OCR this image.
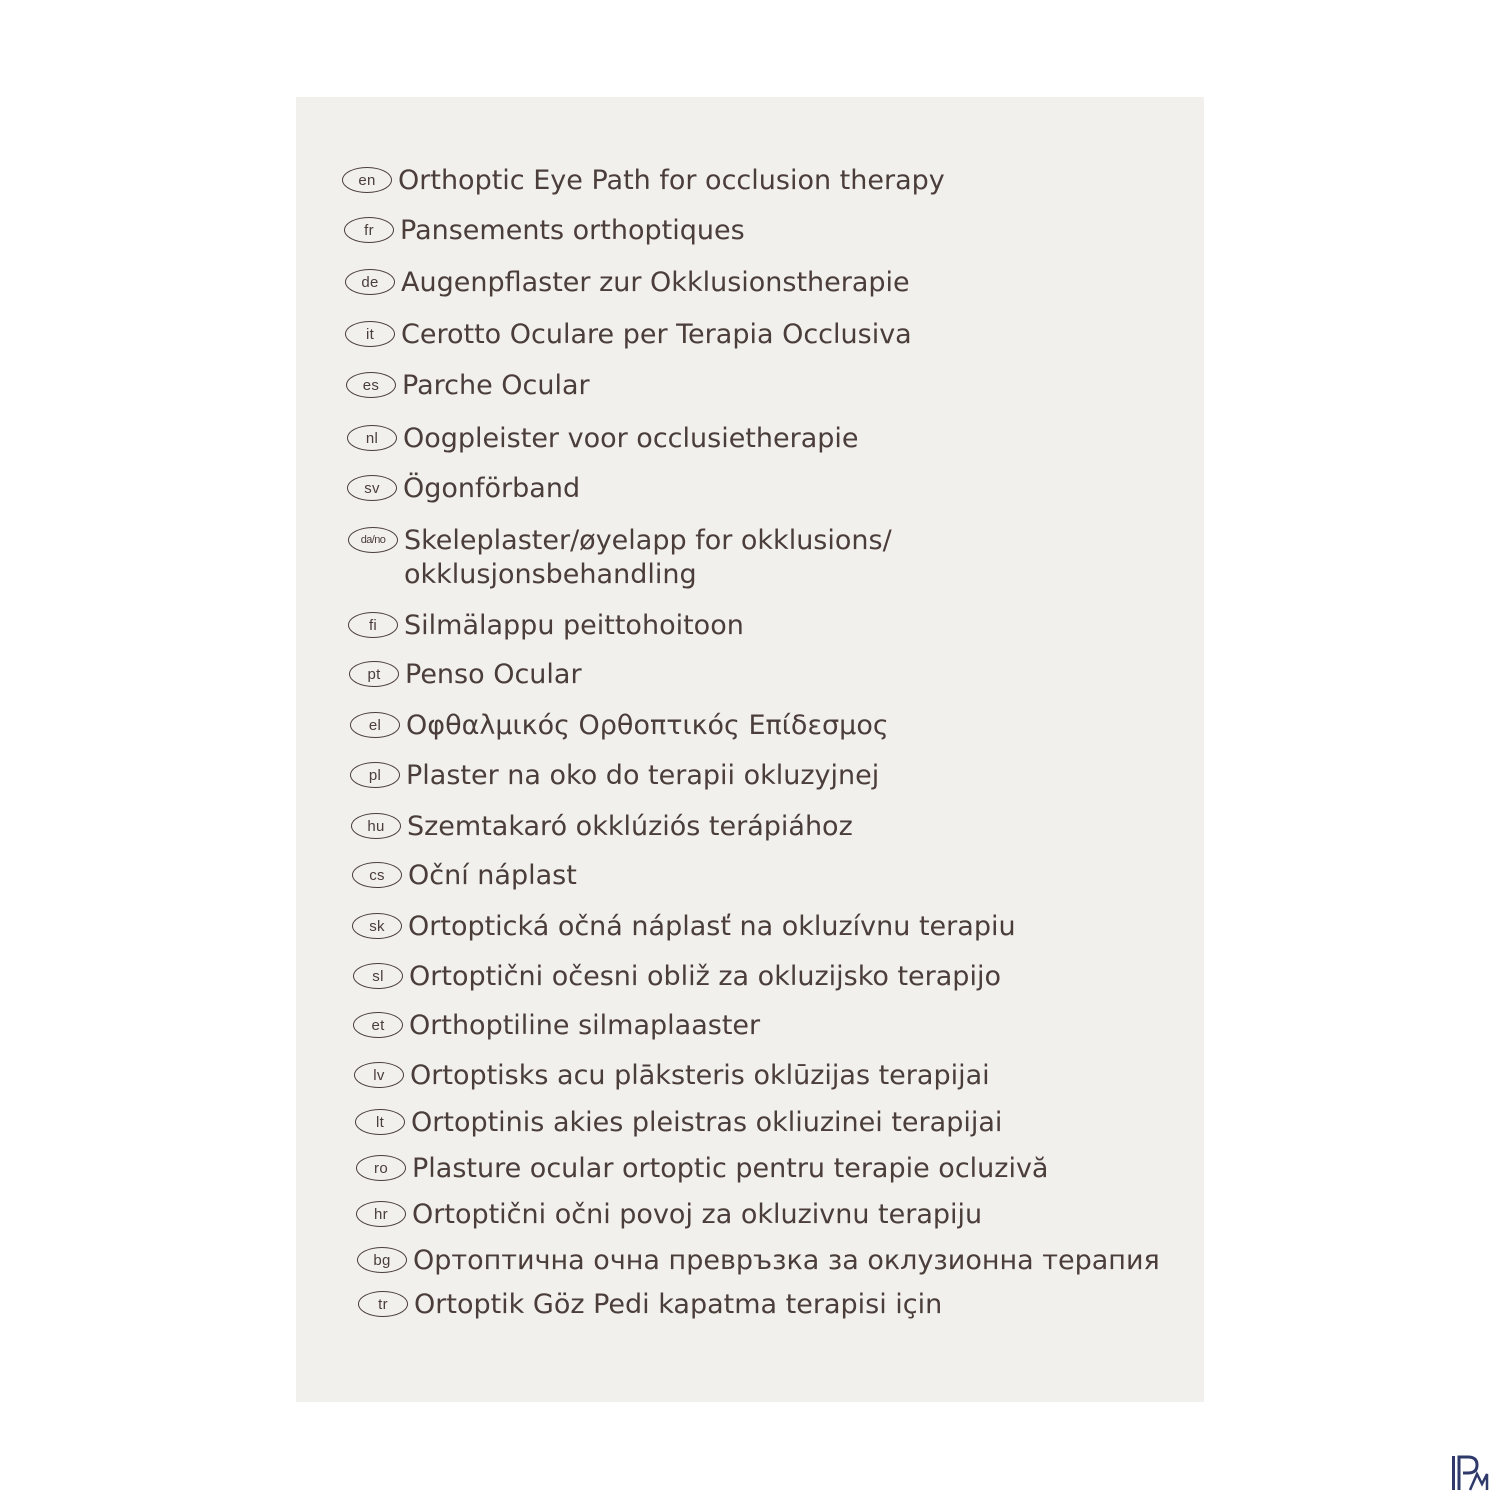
en Orthoptic Eye Path for occlusion therapy
fr Pansements orthoptiques
de Augenpflaster zur Okklusionstherapie
it Cerotto Oculare per Terapia Occlusiva
es Parche Ocular
nl Oogpleister voor occlusietherapie
sv Ögonförband
da/no Skeleplaster/øyelapp for okklusions/
okklusjonsbehandling
fi Silmälappu peittohoitoon
pt Penso Ocular
el Οφθαλμικός Ορθοπτικός Επίδεσμος
pl Plaster na oko do terapii okluzyjnej
hu Szemtakaró okklúziós terápiához
cs Oční náplast
sk Ortoptická očná náplasť na okluzívnu terapiu
sl Ortoptični očesni obliž za okluzijsko terapijo
et Orthoptiline silmaplaaster
lv Ortoptisks acu plāksteris oklūzijas terapijai
lt Ortoptinis akies pleistras okliuzinei terapijai
ro Plasture ocular ortoptic pentru terapie ocluzivă
hr Ortoptični očni povoj za okluzivnu terapiju
bg Ортоптична очна превръзка за оклузионна терапия
tr Ortoptik Göz Pedi kapatma terapisi için
